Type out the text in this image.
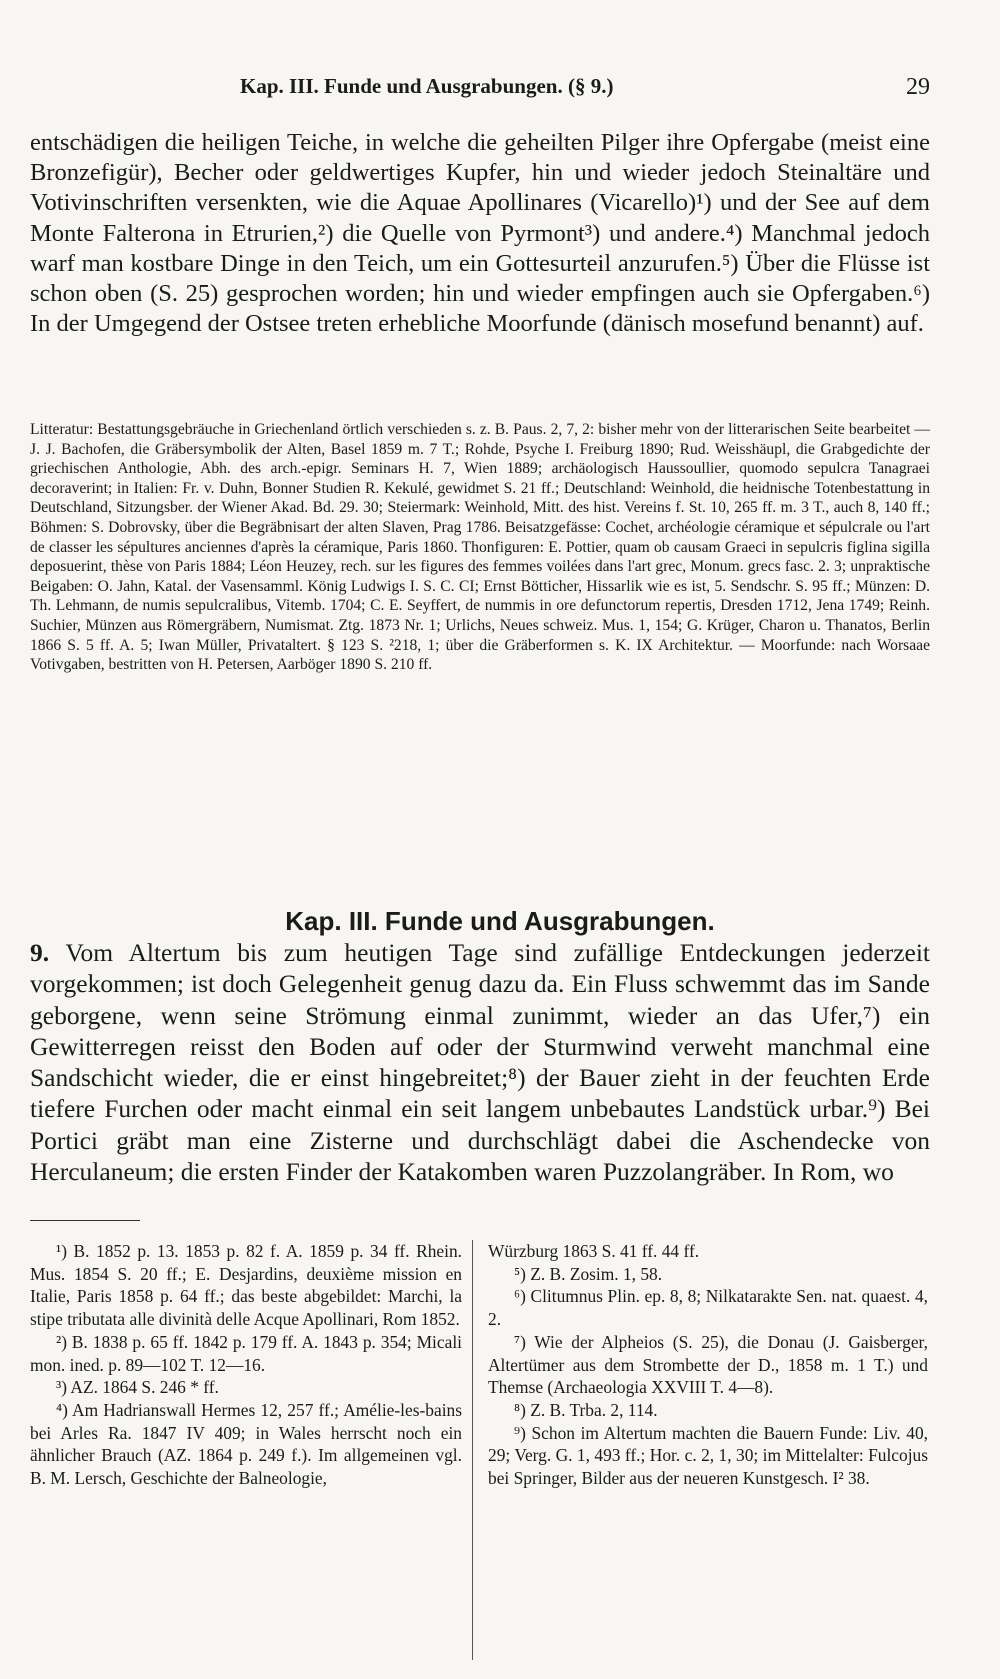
Kap. III. Funde und Ausgrabungen. (§ 9.)	29

entschädigen die heiligen Teiche, in welche die geheilten Pilger ihre Opfergabe (meist eine Bronzefigür), Becher oder geldwertiges Kupfer, hin und wieder jedoch Steinaltäre und Votivinschriften versenkten, wie die Aquae Apollinares (Vicarello)¹) und der See auf dem Monte Falterona in Etrurien,²) die Quelle von Pyrmont³) und andere.⁴) Manchmal jedoch warf man kostbare Dinge in den Teich, um ein Gottesurteil anzurufen.⁵) Über die Flüsse ist schon oben (S. 25) gesprochen worden; hin und wieder empfingen auch sie Opfergaben.⁶) In der Umgegend der Ostsee treten erhebliche Moorfunde (dänisch mosefund benannt) auf.

Litteratur: Bestattungsgebräuche in Griechenland örtlich verschieden s. z. B. Paus. 2, 7, 2: bisher mehr von der litterarischen Seite bearbeitet — J. J. Bachofen, die Gräbersymbolik der Alten, Basel 1859 m. 7 T.; Rohde, Psyche I. Freiburg 1890; Rud. Weisshäupl, die Grabgedichte der griechischen Anthologie, Abh. des arch.-epigr. Seminars H. 7, Wien 1889; archäologisch Haussoullier, quomodo sepulcra Tanagraei decoraverint; in Italien: Fr. v. Duhn, Bonner Studien R. Kekulé, gewidmet S. 21 ff.; Deutschland: Weinhold, die heidnische Totenbestattung in Deutschland, Sitzungsber. der Wiener Akad. Bd. 29. 30; Steiermark: Weinhold, Mitt. des hist. Vereins f. St. 10, 265 ff. m. 3 T., auch 8, 140 ff.; Böhmen: S. Dobrovsky, über die Begräbnisart der alten Slaven, Prag 1786. Beisatzgefässe: Cochet, archéologie céramique et sépulcrale ou l'art de classer les sépultures anciennes d'après la céramique, Paris 1860. Thonfiguren: E. Pottier, quam ob causam Graeci in sepulcris figlina sigilla deposuerint, thèse von Paris 1884; Léon Heuzey, rech. sur les figures des femmes voilées dans l'art grec, Monum. grecs fasc. 2. 3; unpraktische Beigaben: O. Jahn, Katal. der Vasensamml. König Ludwigs I. S. C. CI; Ernst Bötticher, Hissarlik wie es ist, 5. Sendschr. S. 95 ff.; Münzen: D. Th. Lehmann, de numis sepulcralibus, Vitemb. 1704; C. E. Seyffert, de nummis in ore defunctorum repertis, Dresden 1712, Jena 1749; Reinh. Suchier, Münzen aus Römergräbern, Numismat. Ztg. 1873 Nr. 1; Urlichs, Neues schweiz. Mus. 1, 154; G. Krüger, Charon u. Thanatos, Berlin 1866 S. 5 ff. A. 5; Iwan Müller, Privataltert. § 123 S. ²218, 1; über die Gräberformen s. K. IX Architektur. — Moorfunde: nach Worsaae Votivgaben, bestritten von H. Petersen, Aarböger 1890 S. 210 ff.

Kap. III. Funde und Ausgrabungen.

9. Vom Altertum bis zum heutigen Tage sind zufällige Entdeckungen jederzeit vorgekommen; ist doch Gelegenheit genug dazu da. Ein Fluss schwemmt das im Sande geborgene, wenn seine Strömung einmal zunimmt, wieder an das Ufer,⁷) ein Gewitterregen reisst den Boden auf oder der Sturmwind verweht manchmal eine Sandschicht wieder, die er einst hingebreitet;⁸) der Bauer zieht in der feuchten Erde tiefere Furchen oder macht einmal ein seit langem unbebautes Landstück urbar.⁹) Bei Portici gräbt man eine Zisterne und durchschlägt dabei die Aschendecke von Herculaneum; die ersten Finder der Katakomben waren Puzzolangräber. In Rom, wo

¹) B. 1852 p. 13. 1853 p. 82 f. A. 1859 p. 34 ff. Rhein. Mus. 1854 S. 20 ff.; E. Desjardins, deuxième mission en Italie, Paris 1858 p. 64 ff.; das beste abgebildet: Marchi, la stipe tributata alle divinità delle Acque Apollinari, Rom 1852.

²) B. 1838 p. 65 ff. 1842 p. 179 ff. A. 1843 p. 354; Micali mon. ined. p. 89—102 T. 12—16.

³) AZ. 1864 S. 246 * ff.

⁴) Am Hadrianswall Hermes 12, 257 ff.; Amélie-les-bains bei Arles Ra. 1847 IV 409; in Wales herrscht noch ein ähnlicher Brauch (AZ. 1864 p. 249 f.). Im allgemeinen vgl. B. M. Lersch, Geschichte der Balneologie,

Würzburg 1863 S. 41 ff. 44 ff.

⁵) Z. B. Zosim. 1, 58.

⁶) Clitumnus Plin. ep. 8, 8; Nilkatarakte Sen. nat. quaest. 4, 2.

⁷) Wie der Alpheios (S. 25), die Donau (J. Gaisberger, Altertümer aus dem Strombette der D., 1858 m. 1 T.) und Themse (Archaeologia XXVIII T. 4—8).

⁸) Z. B. Trba. 2, 114.

⁹) Schon im Altertum machten die Bauern Funde: Liv. 40, 29; Verg. G. 1, 493 ff.; Hor. c. 2, 1, 30; im Mittelalter: Fulcojus bei Springer, Bilder aus der neueren Kunstgesch. I² 38.
